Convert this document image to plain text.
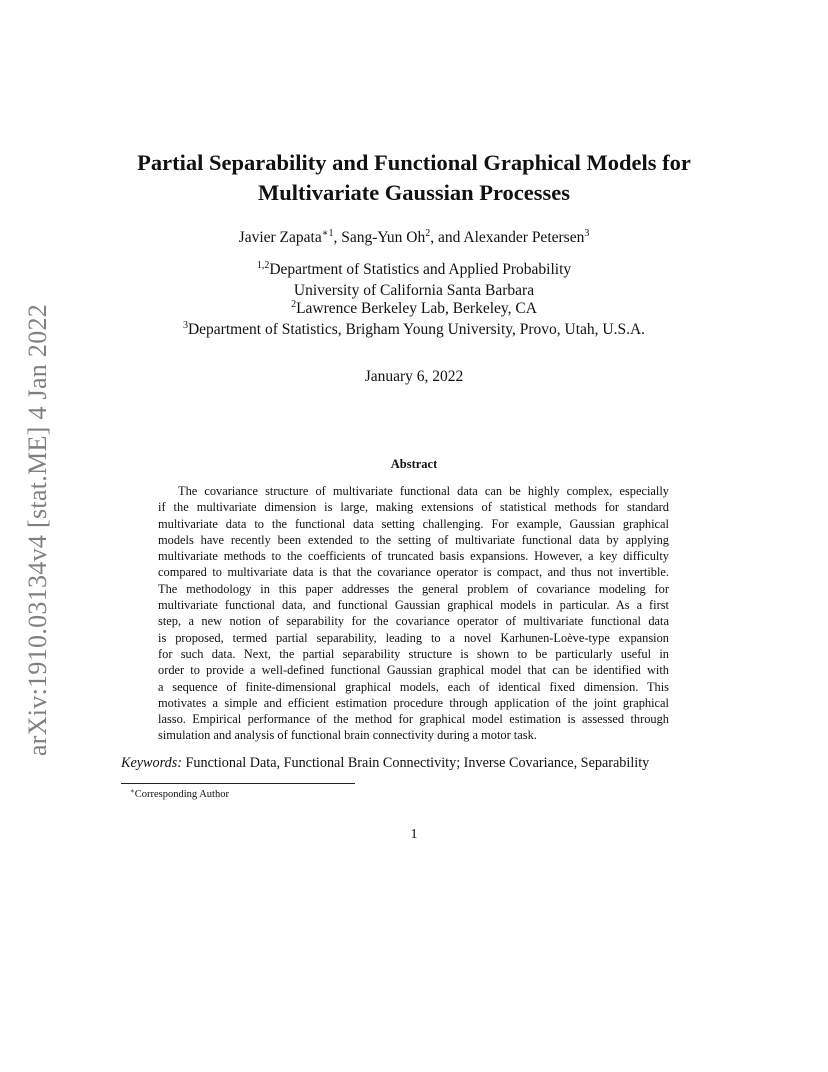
arXiv:1910.03134v4 [stat.ME] 4 Jan 2022
Partial Separability and Functional Graphical Models for
Multivariate Gaussian Processes
Javier Zapata$^{∗1}$, Sang-Yun Oh$^2$, and Alexander Petersen$^3$
$^{1,2}$Department of Statistics and Applied Probability
University of California Santa Barbara
$^2$Lawrence Berkeley Lab, Berkeley, CA
$^3$Department of Statistics, Brigham Young University, Provo, Utah, U.S.A.
January 6, 2022
Abstract
The covariance structure of multivariate functional data can be highly complex, especially
if the multivariate dimension is large, making extensions of statistical methods for standard
multivariate data to the functional data setting challenging. For example, Gaussian graphical
models have recently been extended to the setting of multivariate functional data by applying
multivariate methods to the coefficients of truncated basis expansions. However, a key difficulty
compared to multivariate data is that the covariance operator is compact, and thus not invertible.
The methodology in this paper addresses the general problem of covariance modeling for
multivariate functional data, and functional Gaussian graphical models in particular. As a first
step, a new notion of separability for the covariance operator of multivariate functional data
is proposed, termed partial separability, leading to a novel Karhunen-Loève-type expansion
for such data. Next, the partial separability structure is shown to be particularly useful in
order to provide a well-defined functional Gaussian graphical model that can be identified with
a sequence of finite-dimensional graphical models, each of identical fixed dimension. This
motivates a simple and efficient estimation procedure through application of the joint graphical
lasso. Empirical performance of the method for graphical model estimation is assessed through
simulation and analysis of functional brain connectivity during a motor task.
Keywords: Functional Data, Functional Brain Connectivity; Inverse Covariance, Separability
∗Corresponding Author
1
